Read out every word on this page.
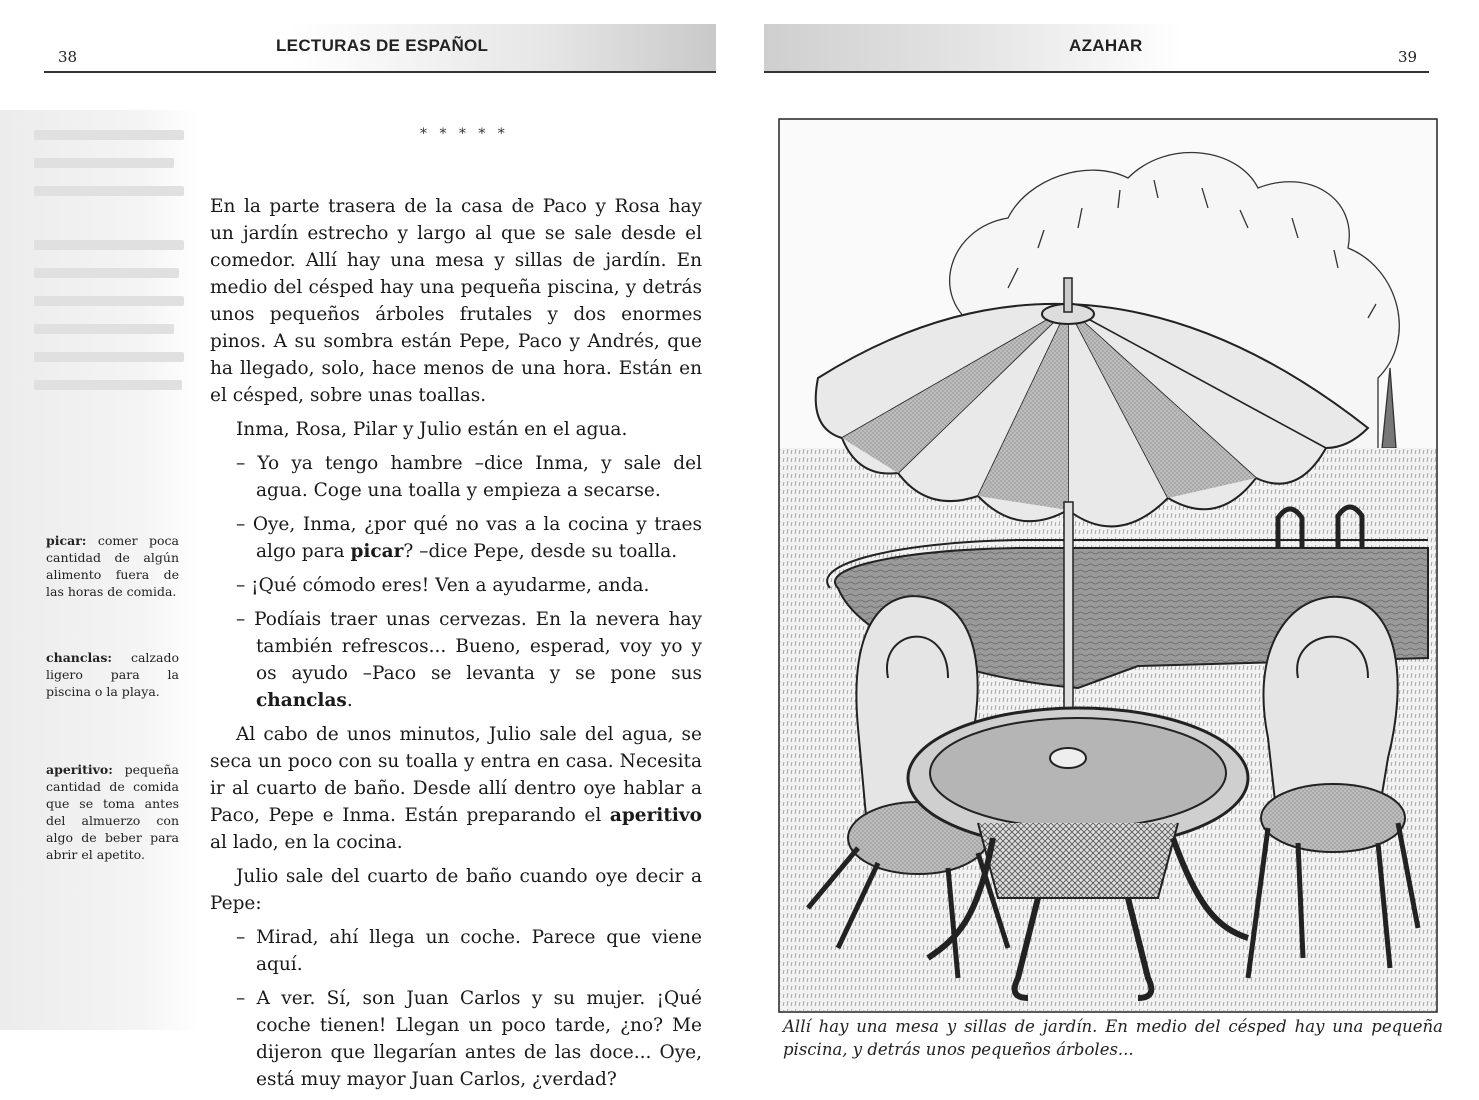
38
LECTURAS DE ESPAÑOL
* * * * *

En la parte trasera de la casa de Paco y Rosa hay un jardín estrecho y largo al que se sale desde el comedor. Allí hay una mesa y sillas de jardín. En medio del césped hay una pequeña piscina, y detrás unos pequeños árboles frutales y dos enormes pinos. A su sombra están Pepe, Paco y Andrés, que ha llegado, solo, hace menos de una hora. Están en el césped, sobre unas toallas.

Inma, Rosa, Pilar y Julio están en el agua.

– Yo ya tengo hambre –dice Inma, y sale del agua. Coge una toalla y empieza a secarse.

– Oye, Inma, ¿por qué no vas a la cocina y traes algo para picar? –dice Pepe, desde su toalla.

– ¡Qué cómodo eres! Ven a ayudarme, anda.

– Podíais traer unas cervezas. En la nevera hay también refrescos... Bueno, esperad, voy yo y os ayudo –Paco se levanta y se pone sus chanclas.

Al cabo de unos minutos, Julio sale del agua, se seca un poco con su toalla y entra en casa. Necesita ir al cuarto de baño. Desde allí dentro oye hablar a Paco, Pepe e Inma. Están preparando el aperitivo al lado, en la cocina.

Julio sale del cuarto de baño cuando oye decir a Pepe:

– Mirad, ahí llega un coche. Parece que viene aquí.

– A ver. Sí, son Juan Carlos y su mujer. ¡Qué coche tienen! Llegan un poco tarde, ¿no? Me dijeron que llegarían antes de las doce... Oye, está muy mayor Juan Carlos, ¿verdad?

picar: comer poca cantidad de algún alimento fuera de las horas de comida.
chanclas: calzado ligero para la piscina o la playa.
aperitivo: pequeña cantidad de comida que se toma antes del almuerzo con algo de beber para abrir el apetito.
AZAHAR
39
Allí hay una mesa y sillas de jardín. En medio del césped hay una pequeña piscina, y detrás unos pequeños árboles...
